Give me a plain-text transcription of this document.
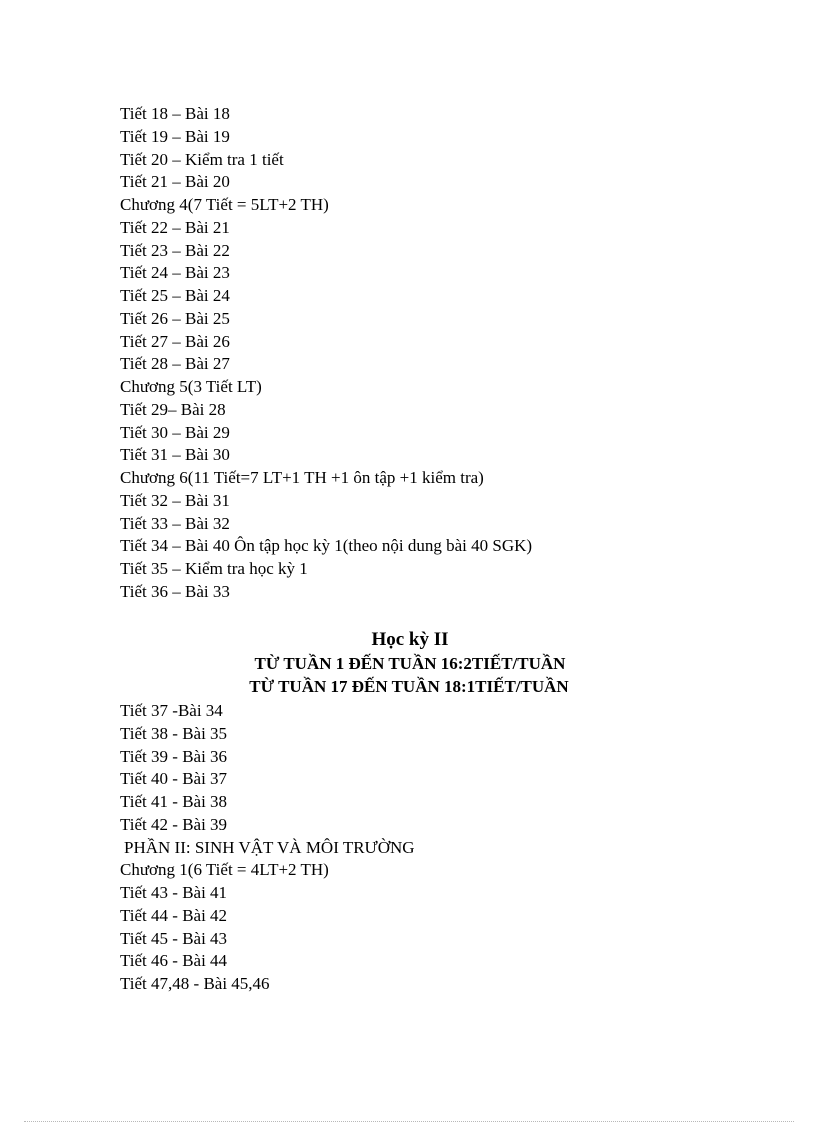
Tiết 18 – Bài 18
Tiết 19 – Bài 19
Tiết 20 – Kiểm tra 1 tiết
Tiết 21 – Bài 20
Chương 4(7 Tiết = 5LT+2 TH)
Tiết 22 – Bài 21
Tiết 23 – Bài 22
Tiết 24 – Bài 23
Tiết 25 – Bài 24
Tiết 26 – Bài 25
Tiết 27 – Bài 26
Tiết 28 – Bài 27
Chương 5(3 Tiết LT)
Tiết 29– Bài 28
Tiết 30 – Bài 29
Tiết 31 – Bài 30
Chương 6(11 Tiết=7 LT+1 TH +1 ôn tập +1 kiểm tra)
Tiết 32 – Bài 31
Tiết 33 – Bài 32
Tiết 34 – Bài 40 Ôn tập học kỳ 1(theo nội dung bài 40 SGK)
Tiết 35 – Kiểm tra học kỳ 1
Tiết 36 – Bài 33
Học kỳ II
TỪ TUẦN 1 ĐẾN TUẦN 16:2TIẾT/TUẦN
TỪ TUẦN 17 ĐẾN TUẦN 18:1TIẾT/TUẦN
Tiết 37 -Bài 34
Tiết 38 - Bài 35
Tiết 39 - Bài 36
Tiết 40 - Bài 37
Tiết 41 - Bài 38
Tiết 42 - Bài 39
PHẦN II: SINH VẬT VÀ MÔI TRƯỜNG
Chương 1(6 Tiết = 4LT+2 TH)
Tiết 43 - Bài 41
Tiết 44 - Bài 42
Tiết 45 - Bài 43
Tiết 46 - Bài 44
Tiết 47,48 - Bài 45,46
